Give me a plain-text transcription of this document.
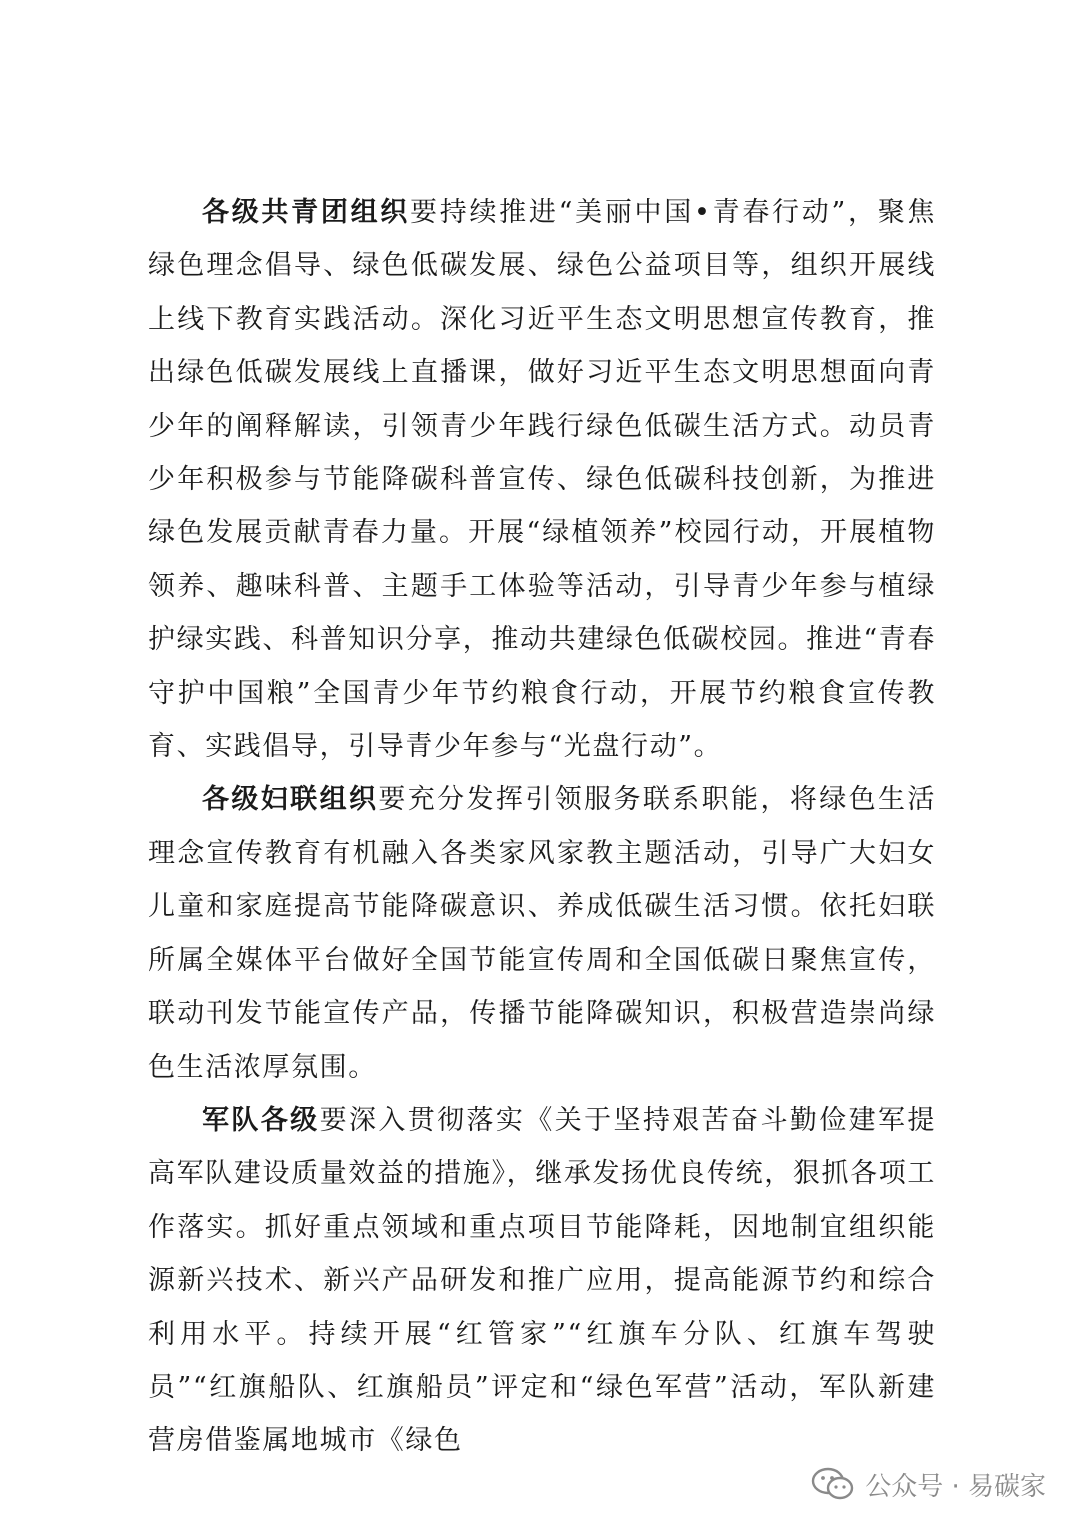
各级共青团组织要持续推进“美丽中国•青春行动”，聚焦绿色理念倡导、绿色低碳发展、绿色公益项目等，组织开展线上线下教育实践活动。深化习近平生态文明思想宣传教育，推出绿色低碳发展线上直播课，做好习近平生态文明思想面向青少年的阐释解读，引领青少年践行绿色低碳生活方式。动员青少年积极参与节能降碳科普宣传、绿色低碳科技创新，为推进绿色发展贡献青春力量。开展“绿植领养”校园行动，开展植物领养、趣味科普、主题手工体验等活动，引导青少年参与植绿护绿实践、科普知识分享，推动共建绿色低碳校园。推进“青春守护中国粮”全国青少年节约粮食行动，开展节约粮食宣传教育、实践倡导，引导青少年参与“光盘行动”。

各级妇联组织要充分发挥引领服务联系职能，将绿色生活理念宣传教育有机融入各类家风家教主题活动，引导广大妇女儿童和家庭提高节能降碳意识、养成低碳生活习惯。依托妇联所属全媒体平台做好全国节能宣传周和全国低碳日聚焦宣传，联动刊发节能宣传产品，传播节能降碳知识，积极营造崇尚绿色生活浓厚氛围。

军队各级要深入贯彻落实《关于坚持艰苦奋斗勤俭建军提高军队建设质量效益的措施》，继承发扬优良传统，狠抓各项工作落实。抓好重点领域和重点项目节能降耗，因地制宜组织能源新兴技术、新兴产品研发和推广应用，提高能源节约和综合利用水平。持续开展“红管家”“红旗车分队、红旗车驾驶员”“红旗船队、红旗船员”评定和“绿色军营”活动，军队新建营房借鉴属地城市《绿色

公众号 · 易碳家
